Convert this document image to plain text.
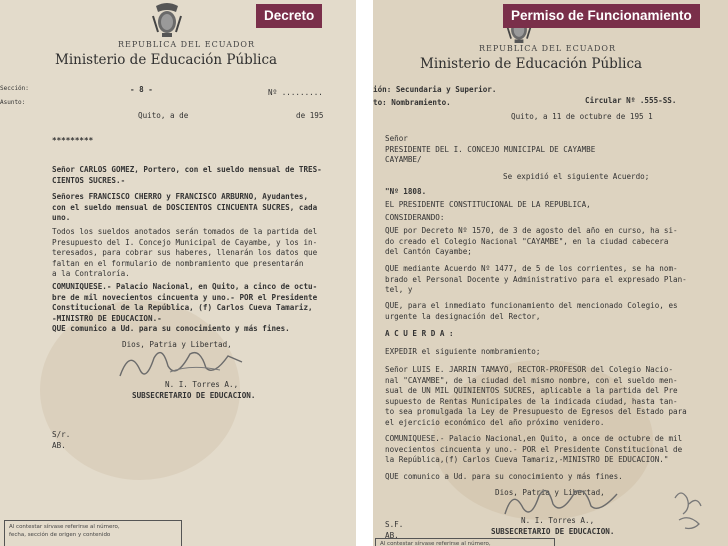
REPUBLICA DEL ECUADOR
Ministerio de Educación Pública
Sección:
Asunto:
- 8 -	Nº .........
Quito, a de	de 195
*********
Señor CARLOS GOMEZ, Portero, con el sueldo mensual de TRES-
CIENTOS SUCRES.-
Señores FRANCISCO CHERRO y FRANCISCO ARBURNO, Ayudantes,
con el sueldo mensual de DOSCIENTOS CINCUENTA SUCRES, cada
uno.
Todos los sueldos anotados serán tomados de la partida del
Presupuesto del I. Concejo Municipal de Cayambe, y los in-
teresados, para cobrar sus haberes, llenarán los datos que
faltan en el formulario de nombramiento que presentarán
a la Contraloría.
COMUNIQUESE.- Palacio Nacional, en Quito, a cinco de octu-
bre de mil novecientos cincuenta y uno.- POR el Presidente
Constitucional de la República, (f) Carlos Cueva Tamariz,
-MINISTRO DE EDUCACION.-
QUE comunico a Ud. para su conocimiento y más fines.
Dios, Patria y Libertad,
N. I. Torres A.,
SUBSECRETARIO DE EDUCACION.
S/r.
AB.
Al contestar sírvase referirse al número,
fecha, sección de origen y contenido
Decreto
REPUBLICA DEL ECUADOR
Ministerio de Educación Pública
ión: Secundaria y Superior.
to: Nombramiento.	Circular Nº .555-SS.
Quito, a 11 de octubre de 195 1
Señor
PRESIDENTE DEL I. CONCEJO MUNICIPAL DE CAYAMBE
CAYAMBE/
Se expidió el siguiente Acuerdo;
"Nº 1808.
EL PRESIDENTE CONSTITUCIONAL DE LA REPUBLICA,
CONSIDERANDO:
QUE por Decreto Nº 1570, de 3 de agosto del año en curso, ha si-
do creado el Colegio Nacional "CAYAMBE", en la ciudad cabecera
del Cantón Cayambe;
QUE mediante Acuerdo Nº 1477, de 5 de los corrientes, se ha nom-
brado el Personal Docente y Administrativo para el expresado Plan-
tel, y
QUE, para el inmediato funcionamiento del mencionado Colegio, es
urgente la designación del Rector,
A C U E R D A :
EXPEDIR el siguiente nombramiento;
Señor LUIS E. JARRIN TAMAYO, RECTOR-PROFESOR del Colegio Nacio-
nal "CAYAMBE", de la ciudad del mismo nombre, con el sueldo men-
sual de UN MIL QUINIENTOS SUCRES, aplicable a la partida del Pre
supuesto de Rentas Municipales de la indicada ciudad, hasta tan-
to sea promulgada la Ley de Presupuesto de Egresos del Estado para
el ejercicio económico del año próximo venidero.
COMUNIQUESE.- Palacio Nacional,en Quito, a once de octubre de mil
novecientos cincuenta y uno.- POR el Presidente Constitucional de
la República,(f) Carlos Cueva Tamariz,-MINISTRO DE EDUCACION."
QUE comunico a Ud. para su conocimiento y más fines.
Dios, Patria y Libertad,
N. I. Torres A.,
SUBSECRETARIO DE EDUCACION.
S.F.
AB.
Al contestar sírvase referirse al número,
Permiso de Funcionamiento
